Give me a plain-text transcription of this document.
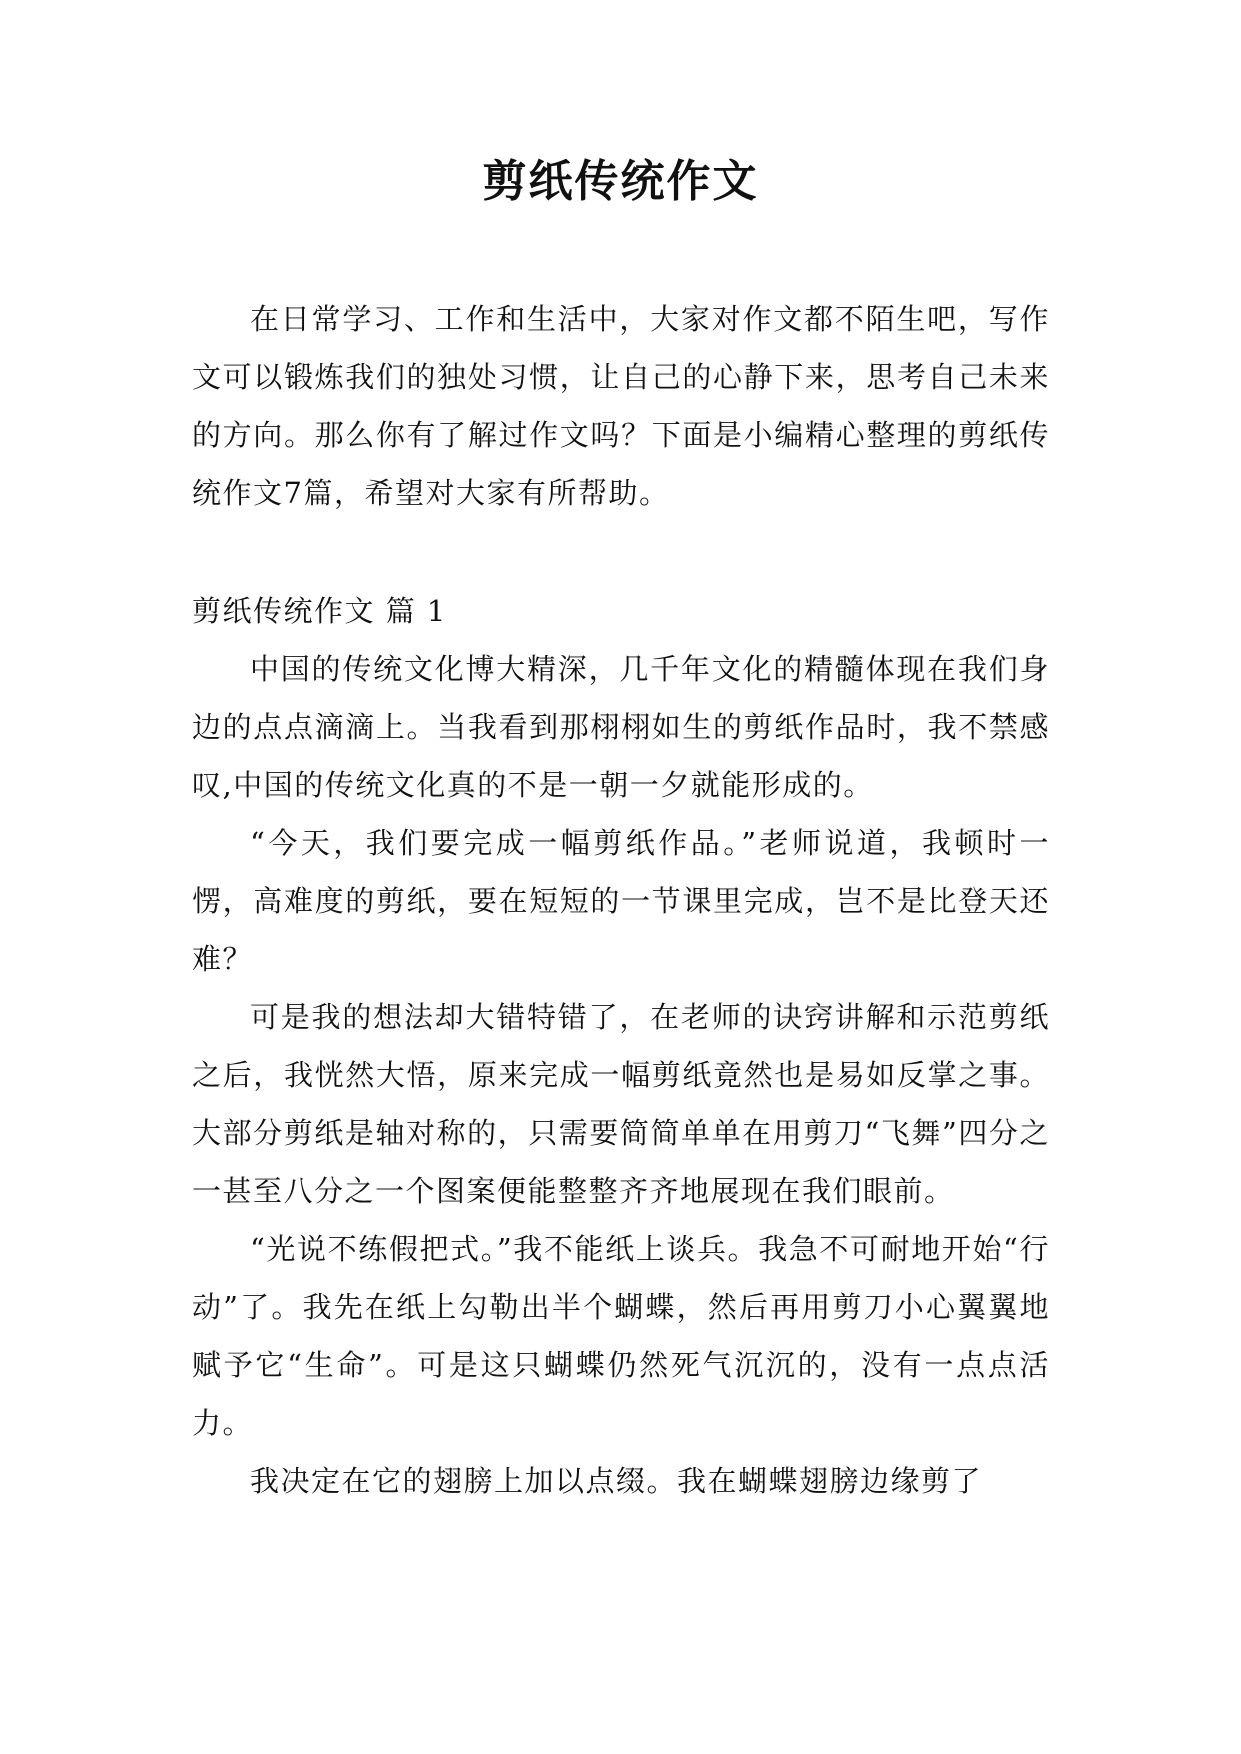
剪纸传统作文

在日常学习、工作和生活中，大家对作文都不陌生吧，写作文可以锻炼我们的独处习惯，让自己的心静下来，思考自己未来的方向。那么你有了解过作文吗？下面是小编精心整理的剪纸传统作文7篇，希望对大家有所帮助。

剪纸传统作文 篇 1

中国的传统文化博大精深，几千年文化的精髓体现在我们身边的点点滴滴上。当我看到那栩栩如生的剪纸作品时，我不禁感叹,中国的传统文化真的不是一朝一夕就能形成的。

“今天，我们要完成一幅剪纸作品。”老师说道，我顿时一愣，高难度的剪纸，要在短短的一节课里完成，岂不是比登天还难？

可是我的想法却大错特错了，在老师的诀窍讲解和示范剪纸之后，我恍然大悟，原来完成一幅剪纸竟然也是易如反掌之事。大部分剪纸是轴对称的，只需要简简单单在用剪刀“飞舞”四分之一甚至八分之一个图案便能整整齐齐地展现在我们眼前。

“光说不练假把式。”我不能纸上谈兵。我急不可耐地开始“行动”了。我先在纸上勾勒出半个蝴蝶，然后再用剪刀小心翼翼地赋予它“生命”。可是这只蝴蝶仍然死气沉沉的，没有一点点活力。

我决定在它的翅膀上加以点缀。我在蝴蝶翅膀边缘剪了
